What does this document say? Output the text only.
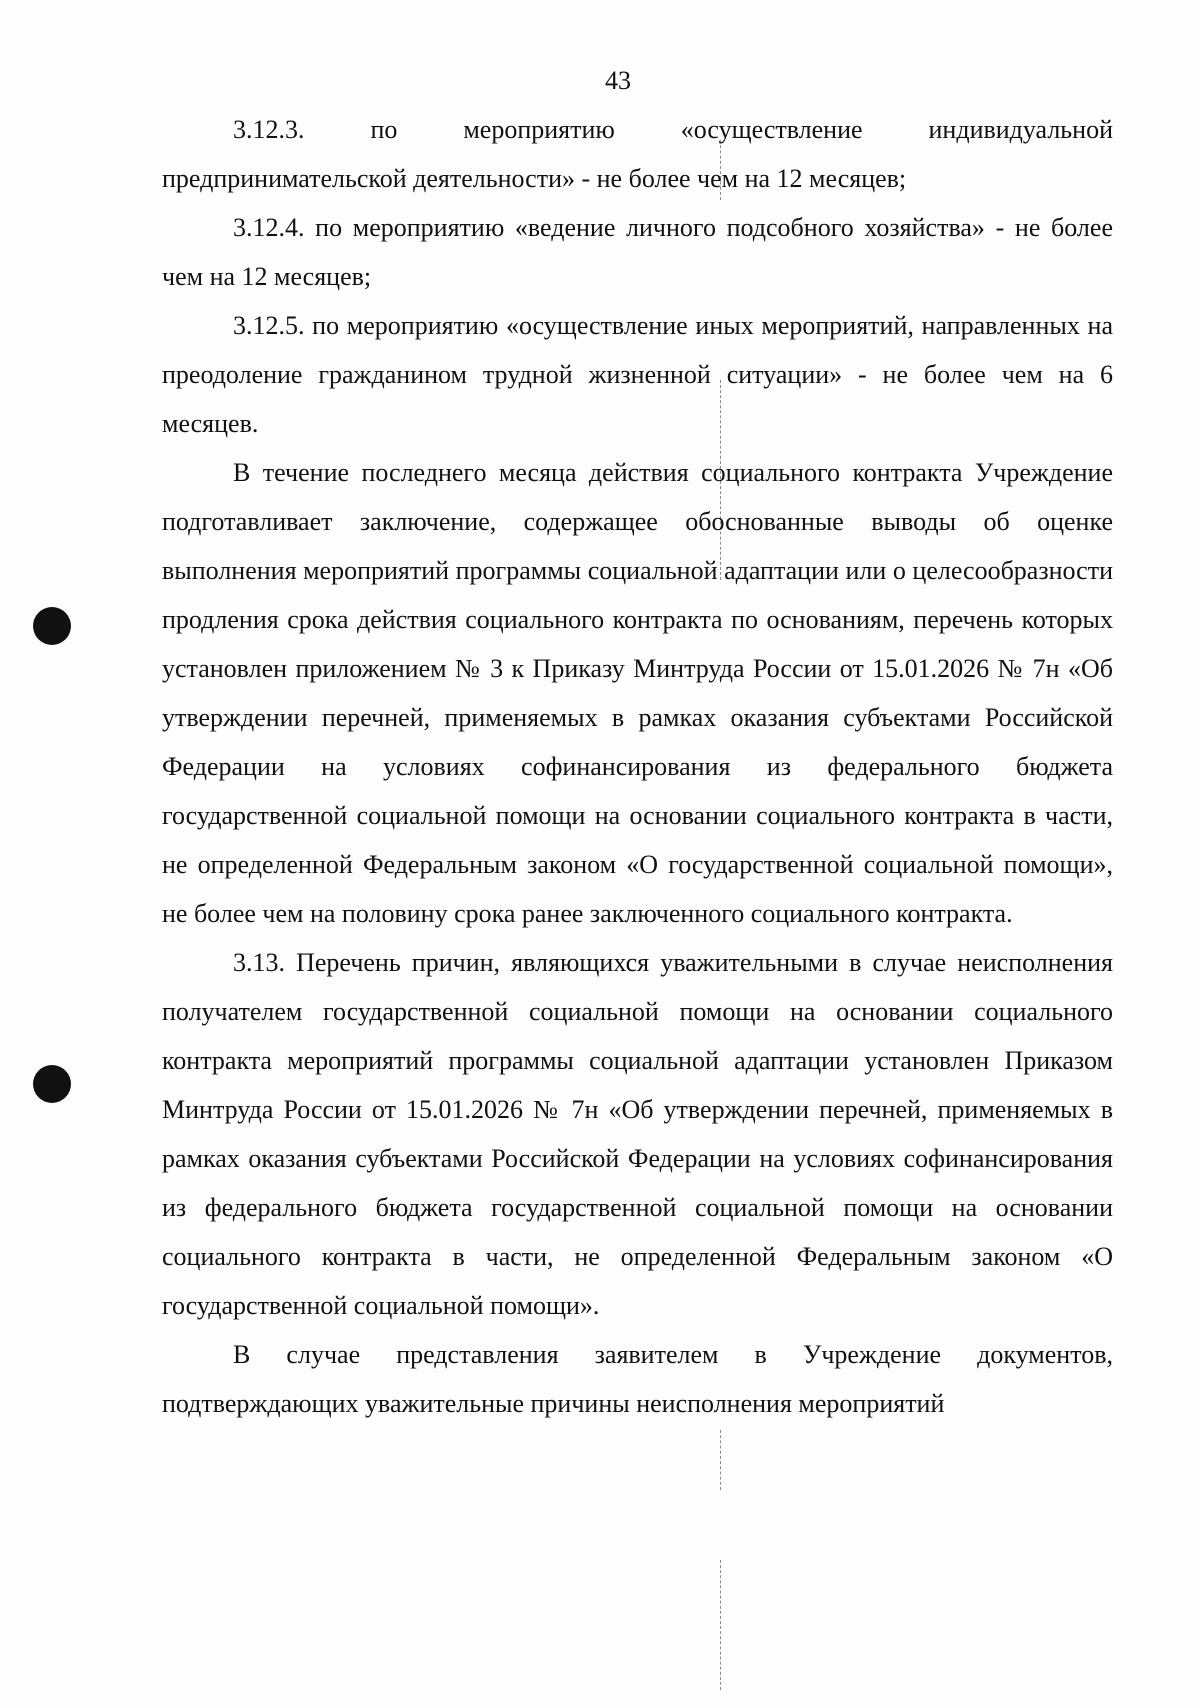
43

3.12.3. по мероприятию «осуществление индивидуальной предпринимательской деятельности» - не более чем на 12 месяцев;

3.12.4. по мероприятию «ведение личного подсобного хозяйства» - не более чем на 12 месяцев;

3.12.5. по мероприятию «осуществление иных мероприятий, направленных на преодоление гражданином трудной жизненной ситуации» - не более чем на 6 месяцев.

В течение последнего месяца действия социального контракта Учреждение подготавливает заключение, содержащее обоснованные выводы об оценке выполнения мероприятий программы социальной адаптации или о целесообразности продления срока действия социального контракта по основаниям, перечень которых установлен приложением № 3 к Приказу Минтруда России от 15.01.2026 № 7н «Об утверждении перечней, применяемых в рамках оказания субъектами Российской Федерации на условиях софинансирования из федерального бюджета государственной социальной помощи на основании социального контракта в части, не определенной Федеральным законом «О государственной социальной помощи», не более чем на половину срока ранее заключенного социального контракта.

3.13. Перечень причин, являющихся уважительными в случае неисполнения получателем государственной социальной помощи на основании социального контракта мероприятий программы социальной адаптации установлен Приказом Минтруда России от 15.01.2026 № 7н «Об утверждении перечней, применяемых в рамках оказания субъектами Российской Федерации на условиях софинансирования из федерального бюджета государственной социальной помощи на основании социального контракта в части, не определенной Федеральным законом «О государственной социальной помощи».

В случае представления заявителем в Учреждение документов, подтверждающих уважительные причины неисполнения мероприятий
